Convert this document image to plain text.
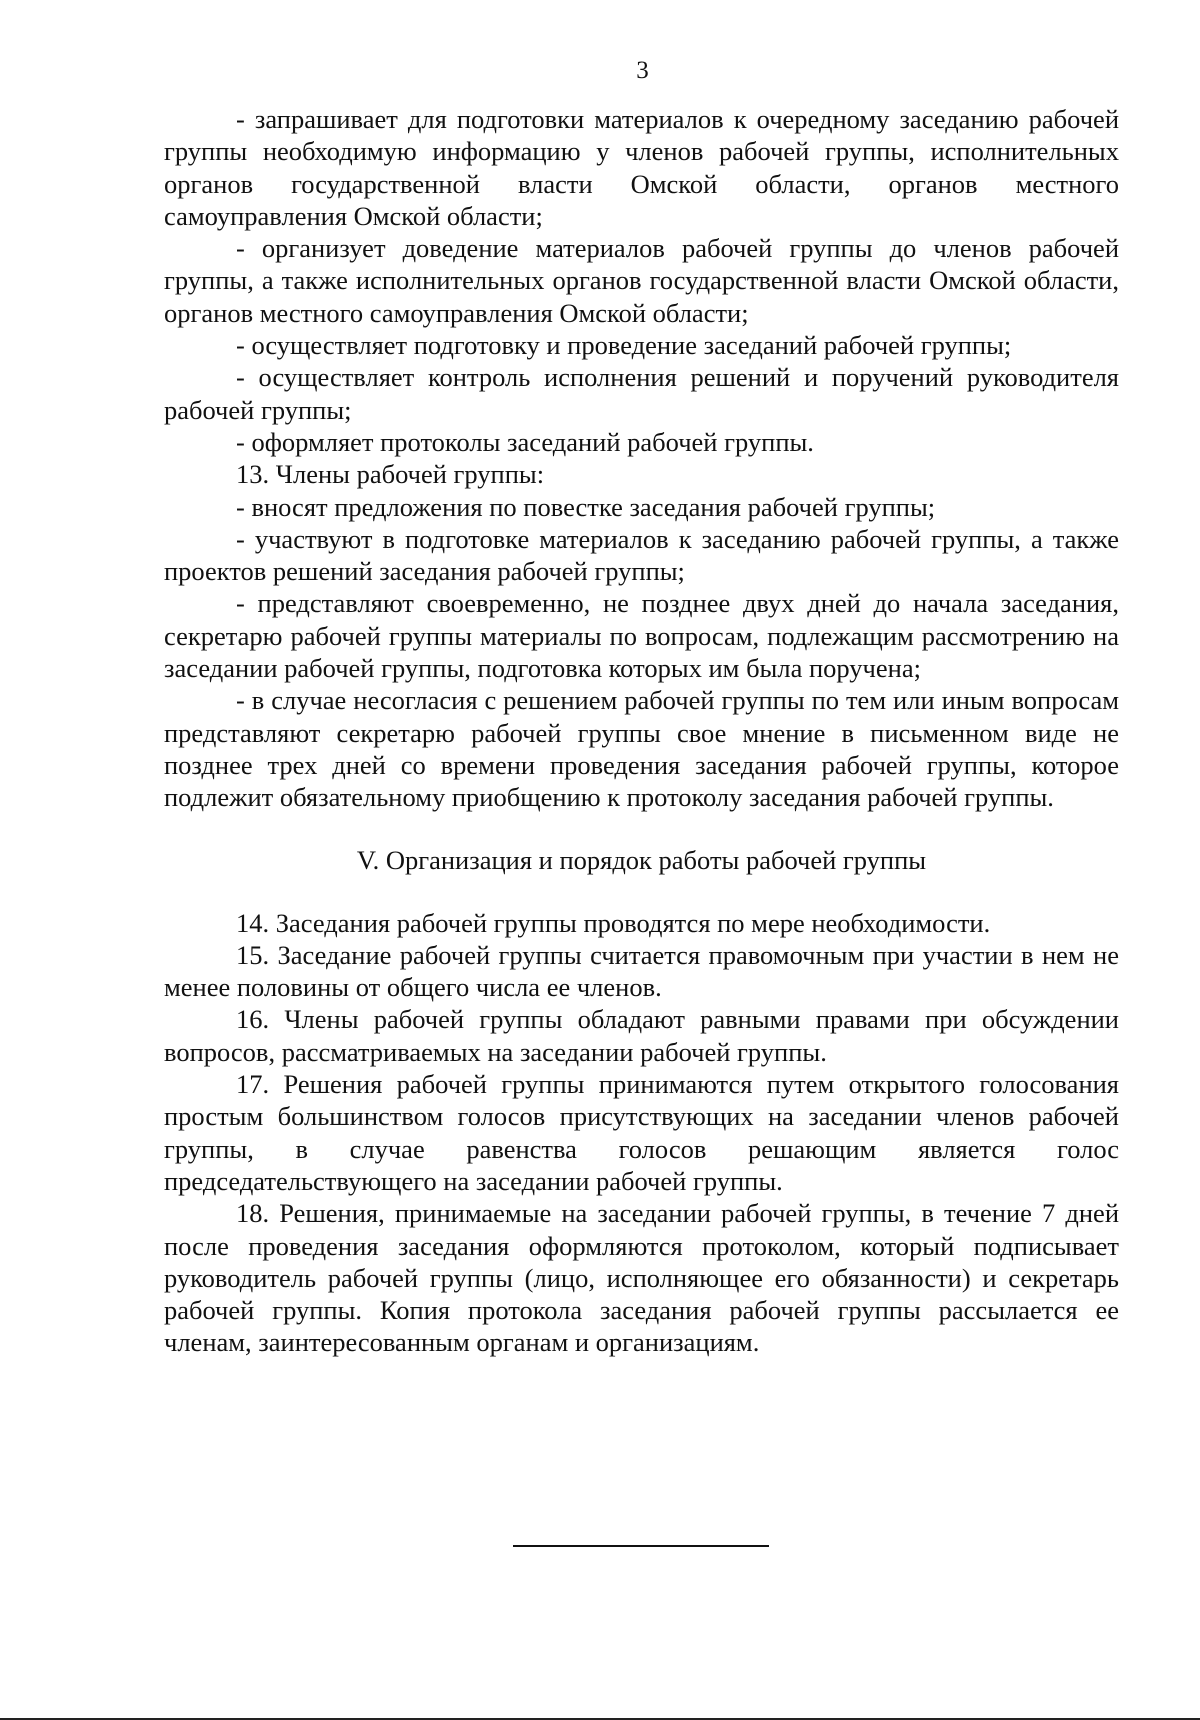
3

- запрашивает для подготовки материалов к очередному заседанию рабочей группы необходимую информацию у членов рабочей группы, исполнительных органов государственной власти Омской области, органов местного самоуправления Омской области;

- организует доведение материалов рабочей группы до членов рабочей группы, а также исполнительных органов государственной власти Омской области, органов местного самоуправления Омской области;

- осуществляет подготовку и проведение заседаний рабочей группы;

- осуществляет контроль исполнения решений и поручений руководителя рабочей группы;

- оформляет протоколы заседаний рабочей группы.

13. Члены рабочей группы:

- вносят предложения по повестке заседания рабочей группы;

- участвуют в подготовке материалов к заседанию рабочей группы, а также проектов решений заседания рабочей группы;

- представляют своевременно, не позднее двух дней до начала заседания, секретарю рабочей группы материалы по вопросам, подлежащим рассмотрению на заседании рабочей группы, подготовка которых им была поручена;

- в случае несогласия с решением рабочей группы по тем или иным вопросам представляют секретарю рабочей группы свое мнение в письменном виде не позднее трех дней со времени проведения заседания рабочей группы, которое подлежит обязательному приобщению к протоколу заседания рабочей группы.

V. Организация и порядок работы рабочей группы

14. Заседания рабочей группы проводятся по мере необходимости.

15. Заседание рабочей группы считается правомочным при участии в нем не менее половины от общего числа ее членов.

16. Члены рабочей группы обладают равными правами при обсуждении вопросов, рассматриваемых на заседании рабочей группы.

17. Решения рабочей группы принимаются путем открытого голосования простым большинством голосов присутствующих на заседании членов рабочей группы, в случае равенства голосов решающим является голос председательствующего на заседании рабочей группы.

18. Решения, принимаемые на заседании рабочей группы, в течение 7 дней после проведения заседания оформляются протоколом, который подписывает руководитель рабочей группы (лицо, исполняющее его обязанности) и секретарь рабочей группы. Копия протокола заседания рабочей группы рассылается ее членам, заинтересованным органам и организациям.
